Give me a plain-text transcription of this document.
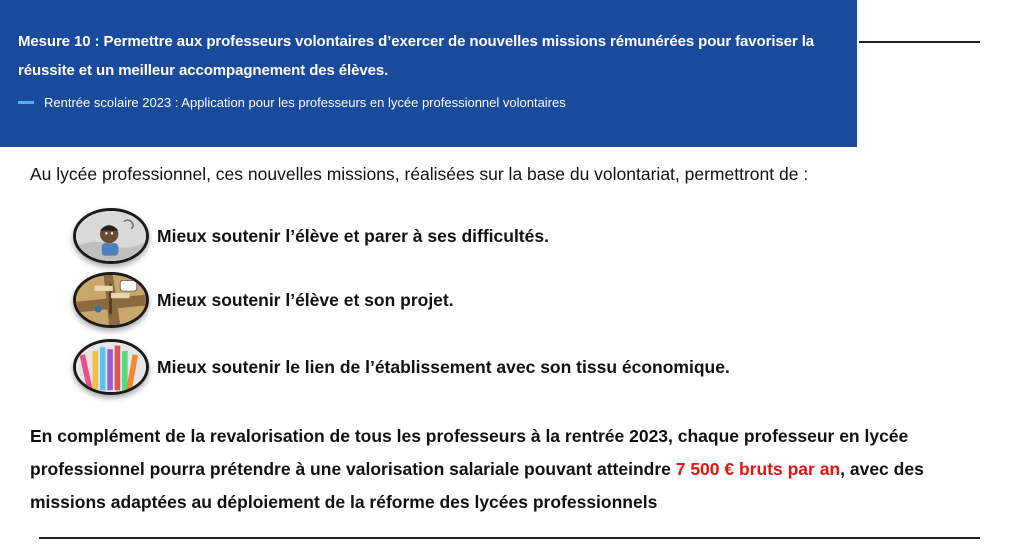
Mesure 10 : Permettre aux professeurs volontaires d’exercer de nouvelles missions rémunérées pour favoriser la réussite et un meilleur accompagnement des élèves.

Rentrée scolaire 2023 : Application pour les professeurs en lycée professionnel volontaires

Au lycée professionnel, ces nouvelles missions, réalisées sur la base du volontariat, permettront de :

Mieux soutenir l’élève et parer à ses difficultés.
Mieux soutenir l’élève et son projet.
Mieux soutenir le lien de l’établissement avec son tissu économique.

En complément de la revalorisation de tous les professeurs à la rentrée 2023, chaque professeur en lycée professionnel pourra prétendre à une valorisation salariale pouvant atteindre 7 500 € bruts par an, avec des missions adaptées au déploiement de la réforme des lycées professionnels
